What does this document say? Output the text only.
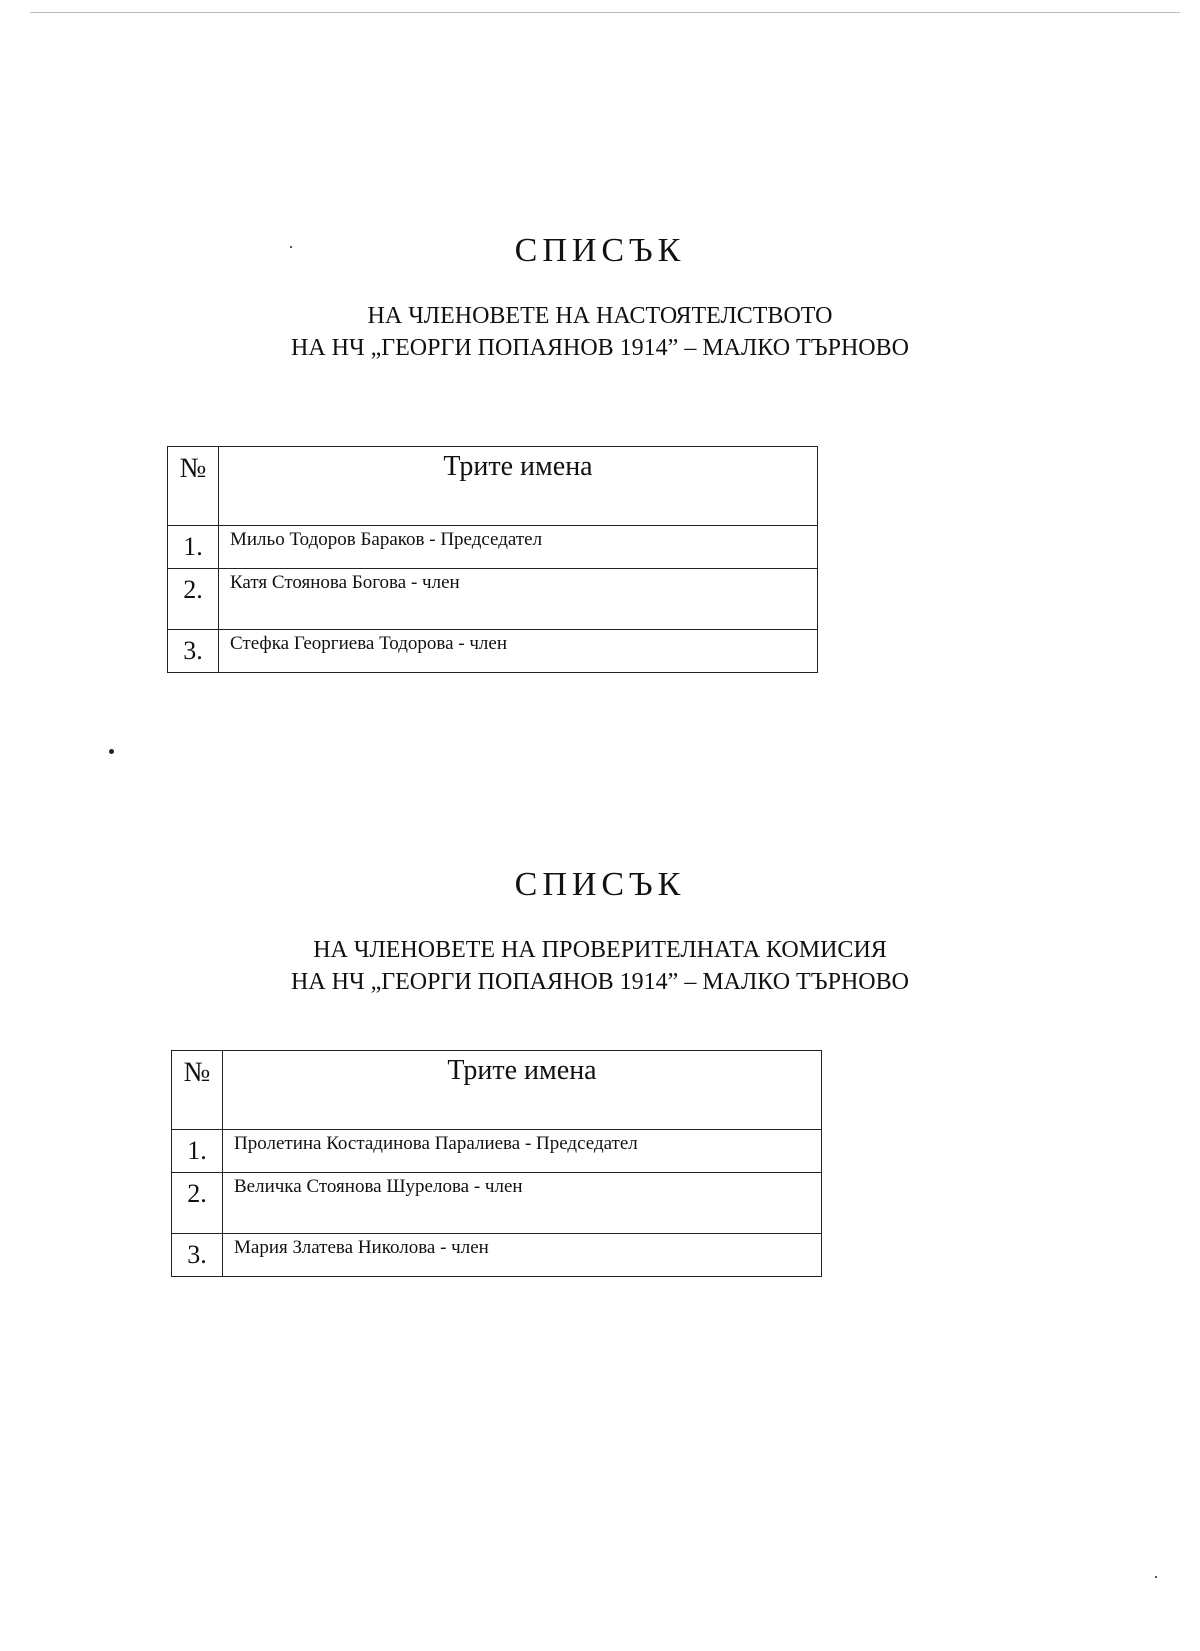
СПИСЪК
НА ЧЛЕНОВЕТЕ НА НАСТОЯТЕЛСТВОТО
НА НЧ „ГЕОРГИ ПОПАЯНОВ 1914” – МАЛКО ТЪРНОВО
№	Трите имена
1.	Мильо Тодоров Бараков - Председател
2.	Катя Стоянова Богова - член
3.	Стефка Георгиева Тодорова - член
СПИСЪК
НА ЧЛЕНОВЕТЕ НА ПРОВЕРИТЕЛНАТА КОМИСИЯ
НА НЧ „ГЕОРГИ ПОПАЯНОВ 1914” – МАЛКО ТЪРНОВО
№	Трите имена
1.	Пролетина Костадинова Паралиева - Председател
2.	Величка Стоянова Шурелова - член
3.	Мария Златева Николова - член
